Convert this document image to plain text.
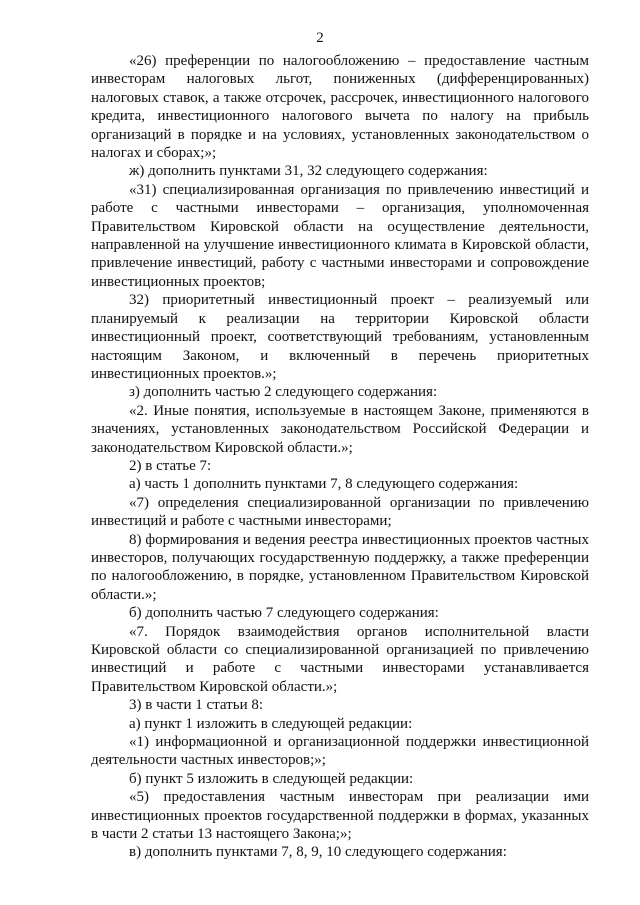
2

«26) преференции по налогообложению – предоставление частным инвесторам налоговых льгот, пониженных (дифференцированных) налоговых ставок, а также отсрочек, рассрочек, инвестиционного налогового кредита, инвестиционного налогового вычета по налогу на прибыль организаций в порядке и на условиях, установленных законодательством о налогах и сборах;»;

ж) дополнить пунктами 31, 32 следующего содержания:

«31) специализированная организация по привлечению инвестиций и работе с частными инвесторами – организация, уполномоченная Правительством Кировской области на осуществление деятельности, направленной на улучшение инвестиционного климата в Кировской области, привлечение инвестиций, работу с частными инвесторами и сопровождение инвестиционных проектов;

32) приоритетный инвестиционный проект – реализуемый или планируемый к реализации на территории Кировской области инвестиционный проект, соответствующий требованиям, установленным настоящим Законом, и включенный в перечень приоритетных инвестиционных проектов.»;

з) дополнить частью 2 следующего содержания:

«2. Иные понятия, используемые в настоящем Законе, применяются в значениях, установленных законодательством Российской Федерации и законодательством Кировской области.»;

2) в статье 7:

а) часть 1 дополнить пунктами 7, 8 следующего содержания:

«7) определения специализированной организации по привлечению инвестиций и работе с частными инвесторами;

8) формирования и ведения реестра инвестиционных проектов частных инвесторов, получающих государственную поддержку, а также преференции по налогообложению, в порядке, установленном Правительством Кировской области.»;

б) дополнить частью 7 следующего содержания:

«7. Порядок взаимодействия органов исполнительной власти Кировской области со специализированной организацией по привлечению инвестиций и работе с частными инвесторами устанавливается Правительством Кировской области.»;

3) в части 1 статьи 8:

а) пункт 1 изложить в следующей редакции:

«1) информационной и организационной поддержки инвестиционной деятельности частных инвесторов;»;

б) пункт 5 изложить в следующей редакции:

«5) предоставления частным инвесторам при реализации ими инвестиционных проектов государственной поддержки в формах, указанных в части 2 статьи 13 настоящего Закона;»;

в) дополнить пунктами 7, 8, 9, 10 следующего содержания:
